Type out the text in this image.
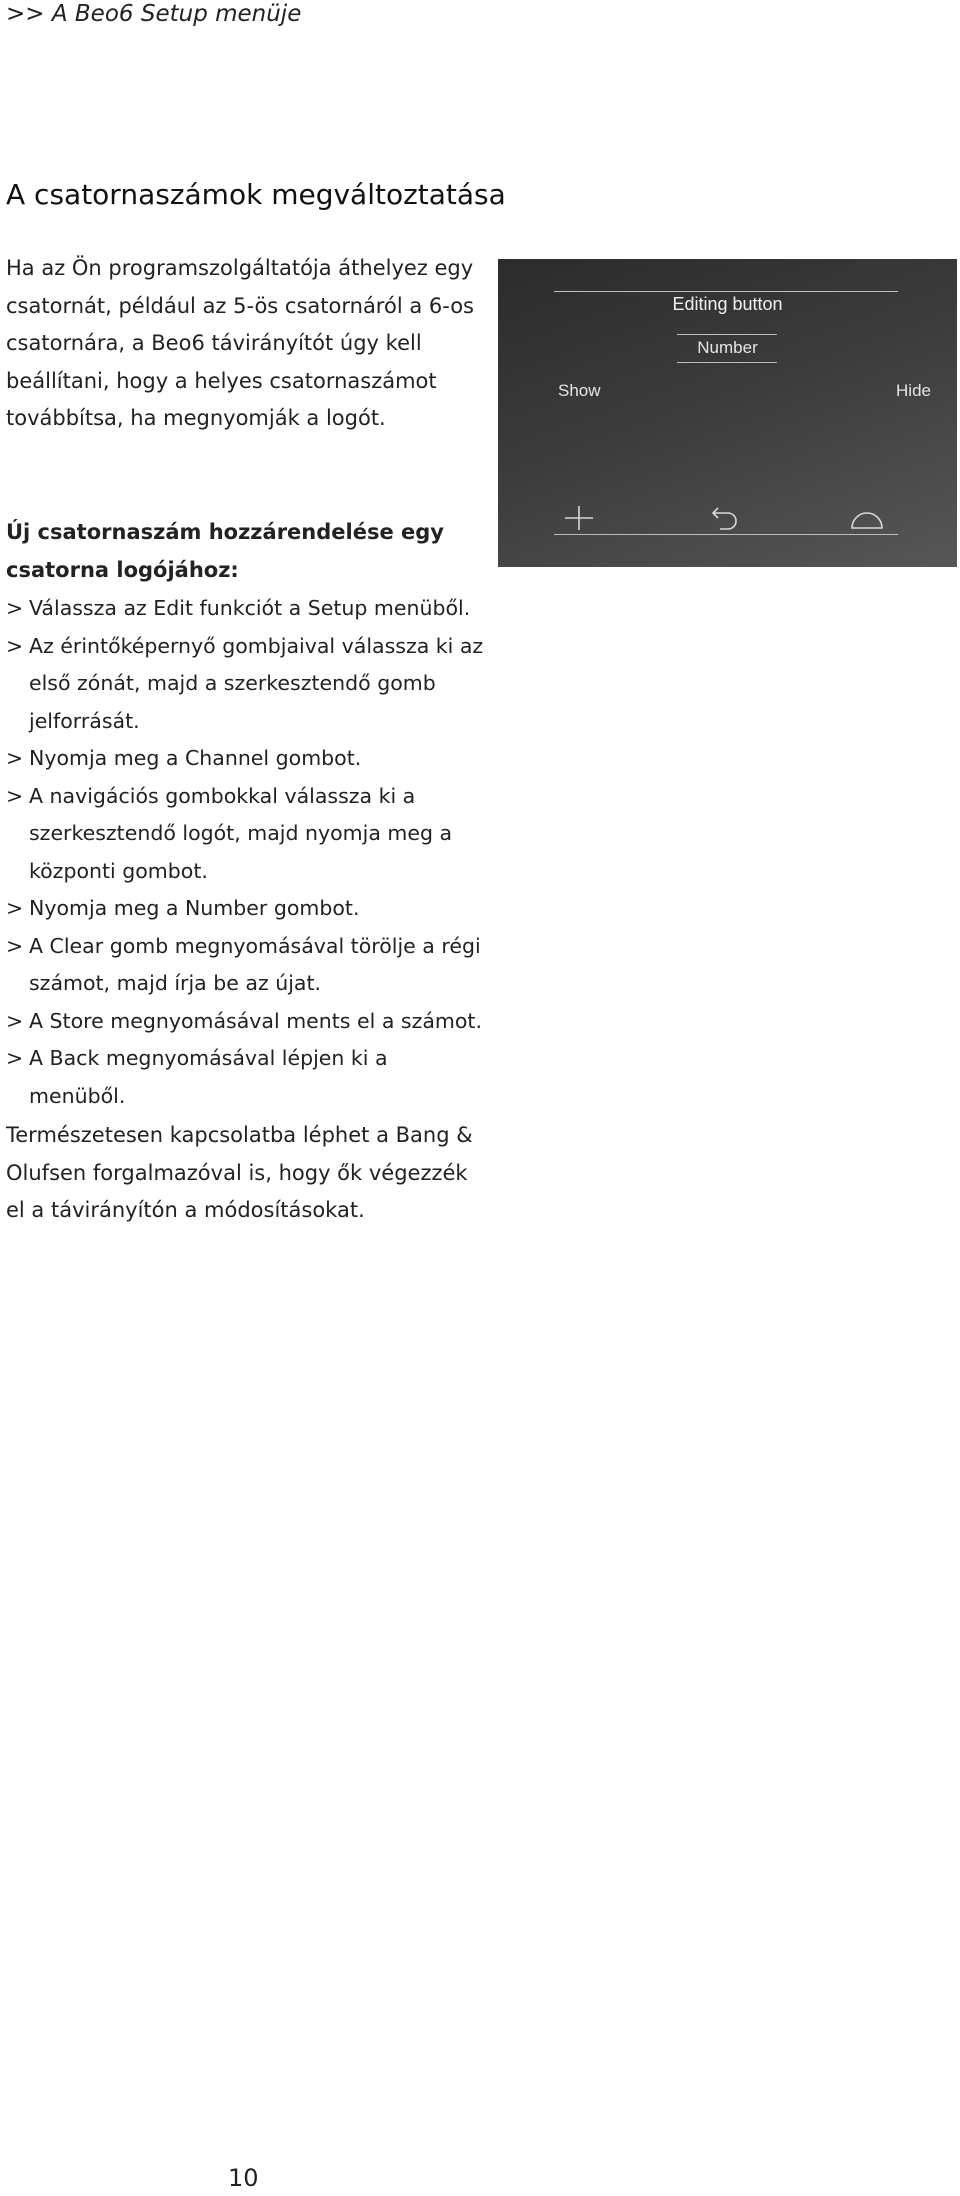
>> A Beo6 Setup menüje
A csatornaszámok megváltoztatása

Ha az Ön programszolgáltatója áthelyez egy csatornát, például az 5-ös csatornáról a 6-os csatornára, a Beo6 távirányítót úgy kell beállítani, hogy a helyes csatornaszámot továbbítsa, ha megnyomják a logót.

Új csatornaszám hozzárendelése egy csatorna logójához:

> Válassza az Edit funkciót a Setup menüből.
> Az érintőképernyő gombjaival válassza ki az első zónát, majd a szerkesztendő gomb jelforrását.
> Nyomja meg a Channel gombot.
> A navigációs gombokkal válassza ki a szerkesztendő logót, majd nyomja meg a központi gombot.
> Nyomja meg a Number gombot.
> A Clear gomb megnyomásával törölje a régi számot, majd írja be az újat.
> A Store megnyomásával ments el a számot.
> A Back megnyomásával lépjen ki a menüből.

Természetesen kapcsolatba léphet a Bang & Olufsen forgalmazóval is, hogy ők végezzék el a távirányítón a módosításokat.

Editing button
Number
Show	Hide
10
